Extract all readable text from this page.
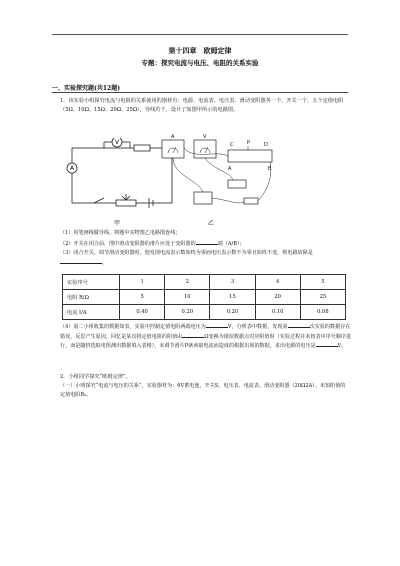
第十四章　欧姆定律
专题：探究电流与电压、电阻的关系实验
一、实验探究题(共12题)
1．该实验小组探究电流与电阻的关系使用的器材有：电源、电流表、电压表、滑动变阻器各一个，开关一个，五个定值电阻（5Ω、10Ω、15Ω、20Ω、25Ω），导线若干，设计了如图甲所示的电路图。
V
A
甲
A	V
C	P	D
A	B
乙
（1）用笔画线做导线，将题中实物图乙电路图连线；
（2）开关在闭合前，图中滑动变阻器的滑片应处于变阻器的	端（A/B）；
（3）闭合开关，调节滑动变阻器时，他发现电流表示数始终为零而电压表示数不为零且始终不变，则电路故障是。
实验序号	1	2	3	4	5
电阻 R/Ω	5	10	15	20	25
电流 I/A	0.40	0.20	0.20	0.10	0.08
（4）第二小组收集的数据如表，实验中控制定值电阻两端电压为	V，分析表中数据，发现第	次实验的数据存在错误，反思产生原因，回忆是某次将定值电阻的阻值由	Ω变换为错误数据点对应阻值时（实验过程并未按表中序号顺序进行，而是随机选取电阻测出数据填入表格），未调节滑片P就读取电流而造成的根据出现的数据，求出电源的电压是	V。
2．小组同学探究“欧姆定律”。
（一）小明探究“电流与电压的关系”，实验器材为：6V蓄电池，开关S，电压表、电流表、滑动变阻器（20Ω2A）、未知阻值的定值电阻R₀。
